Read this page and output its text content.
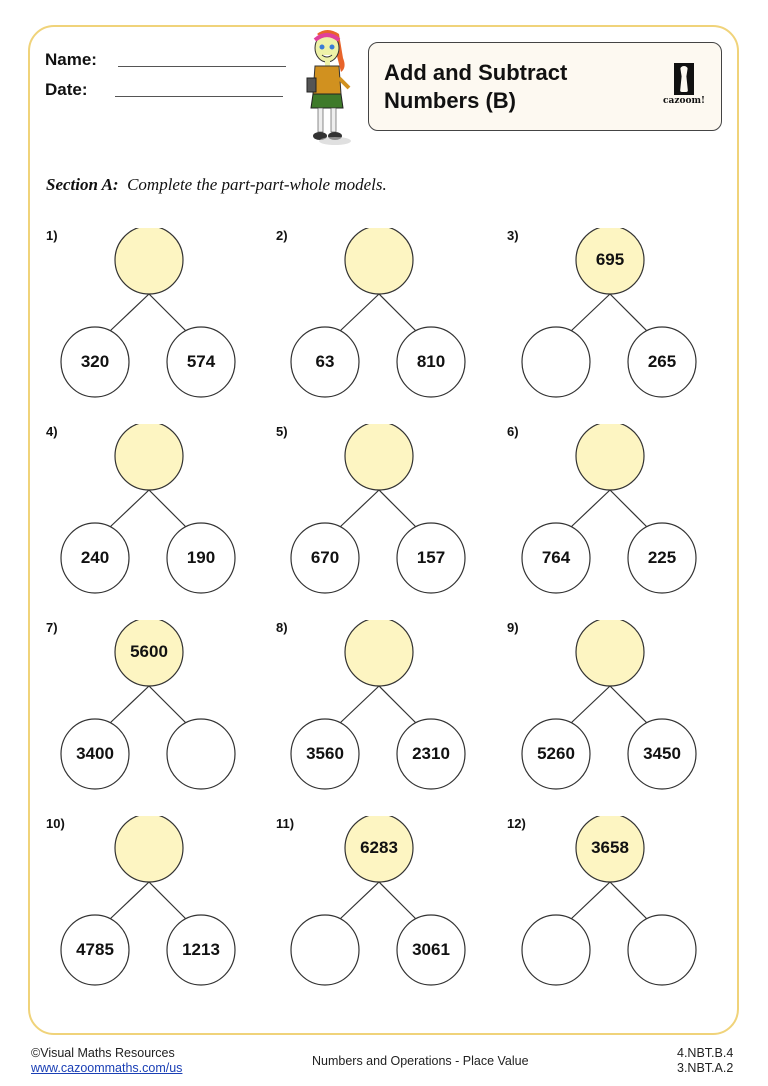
Name:
Date:
Add and Subtract
Numbers (B)	cazoom!
Section A: Complete the part-part-whole models.
1)
320	574
2)
63	810
3)
695
265
4)
240	190
5)
670	157
6)
764	225
7)
5600
3400
8)
3560	2310
9)
5260	3450
10)
4785	1213
11)
6283
3061
12)
3658
©Visual Maths Resources
www.cazoommaths.com/us	Numbers and Operations - Place Value
4.NBT.B.4
3.NBT.A.2
